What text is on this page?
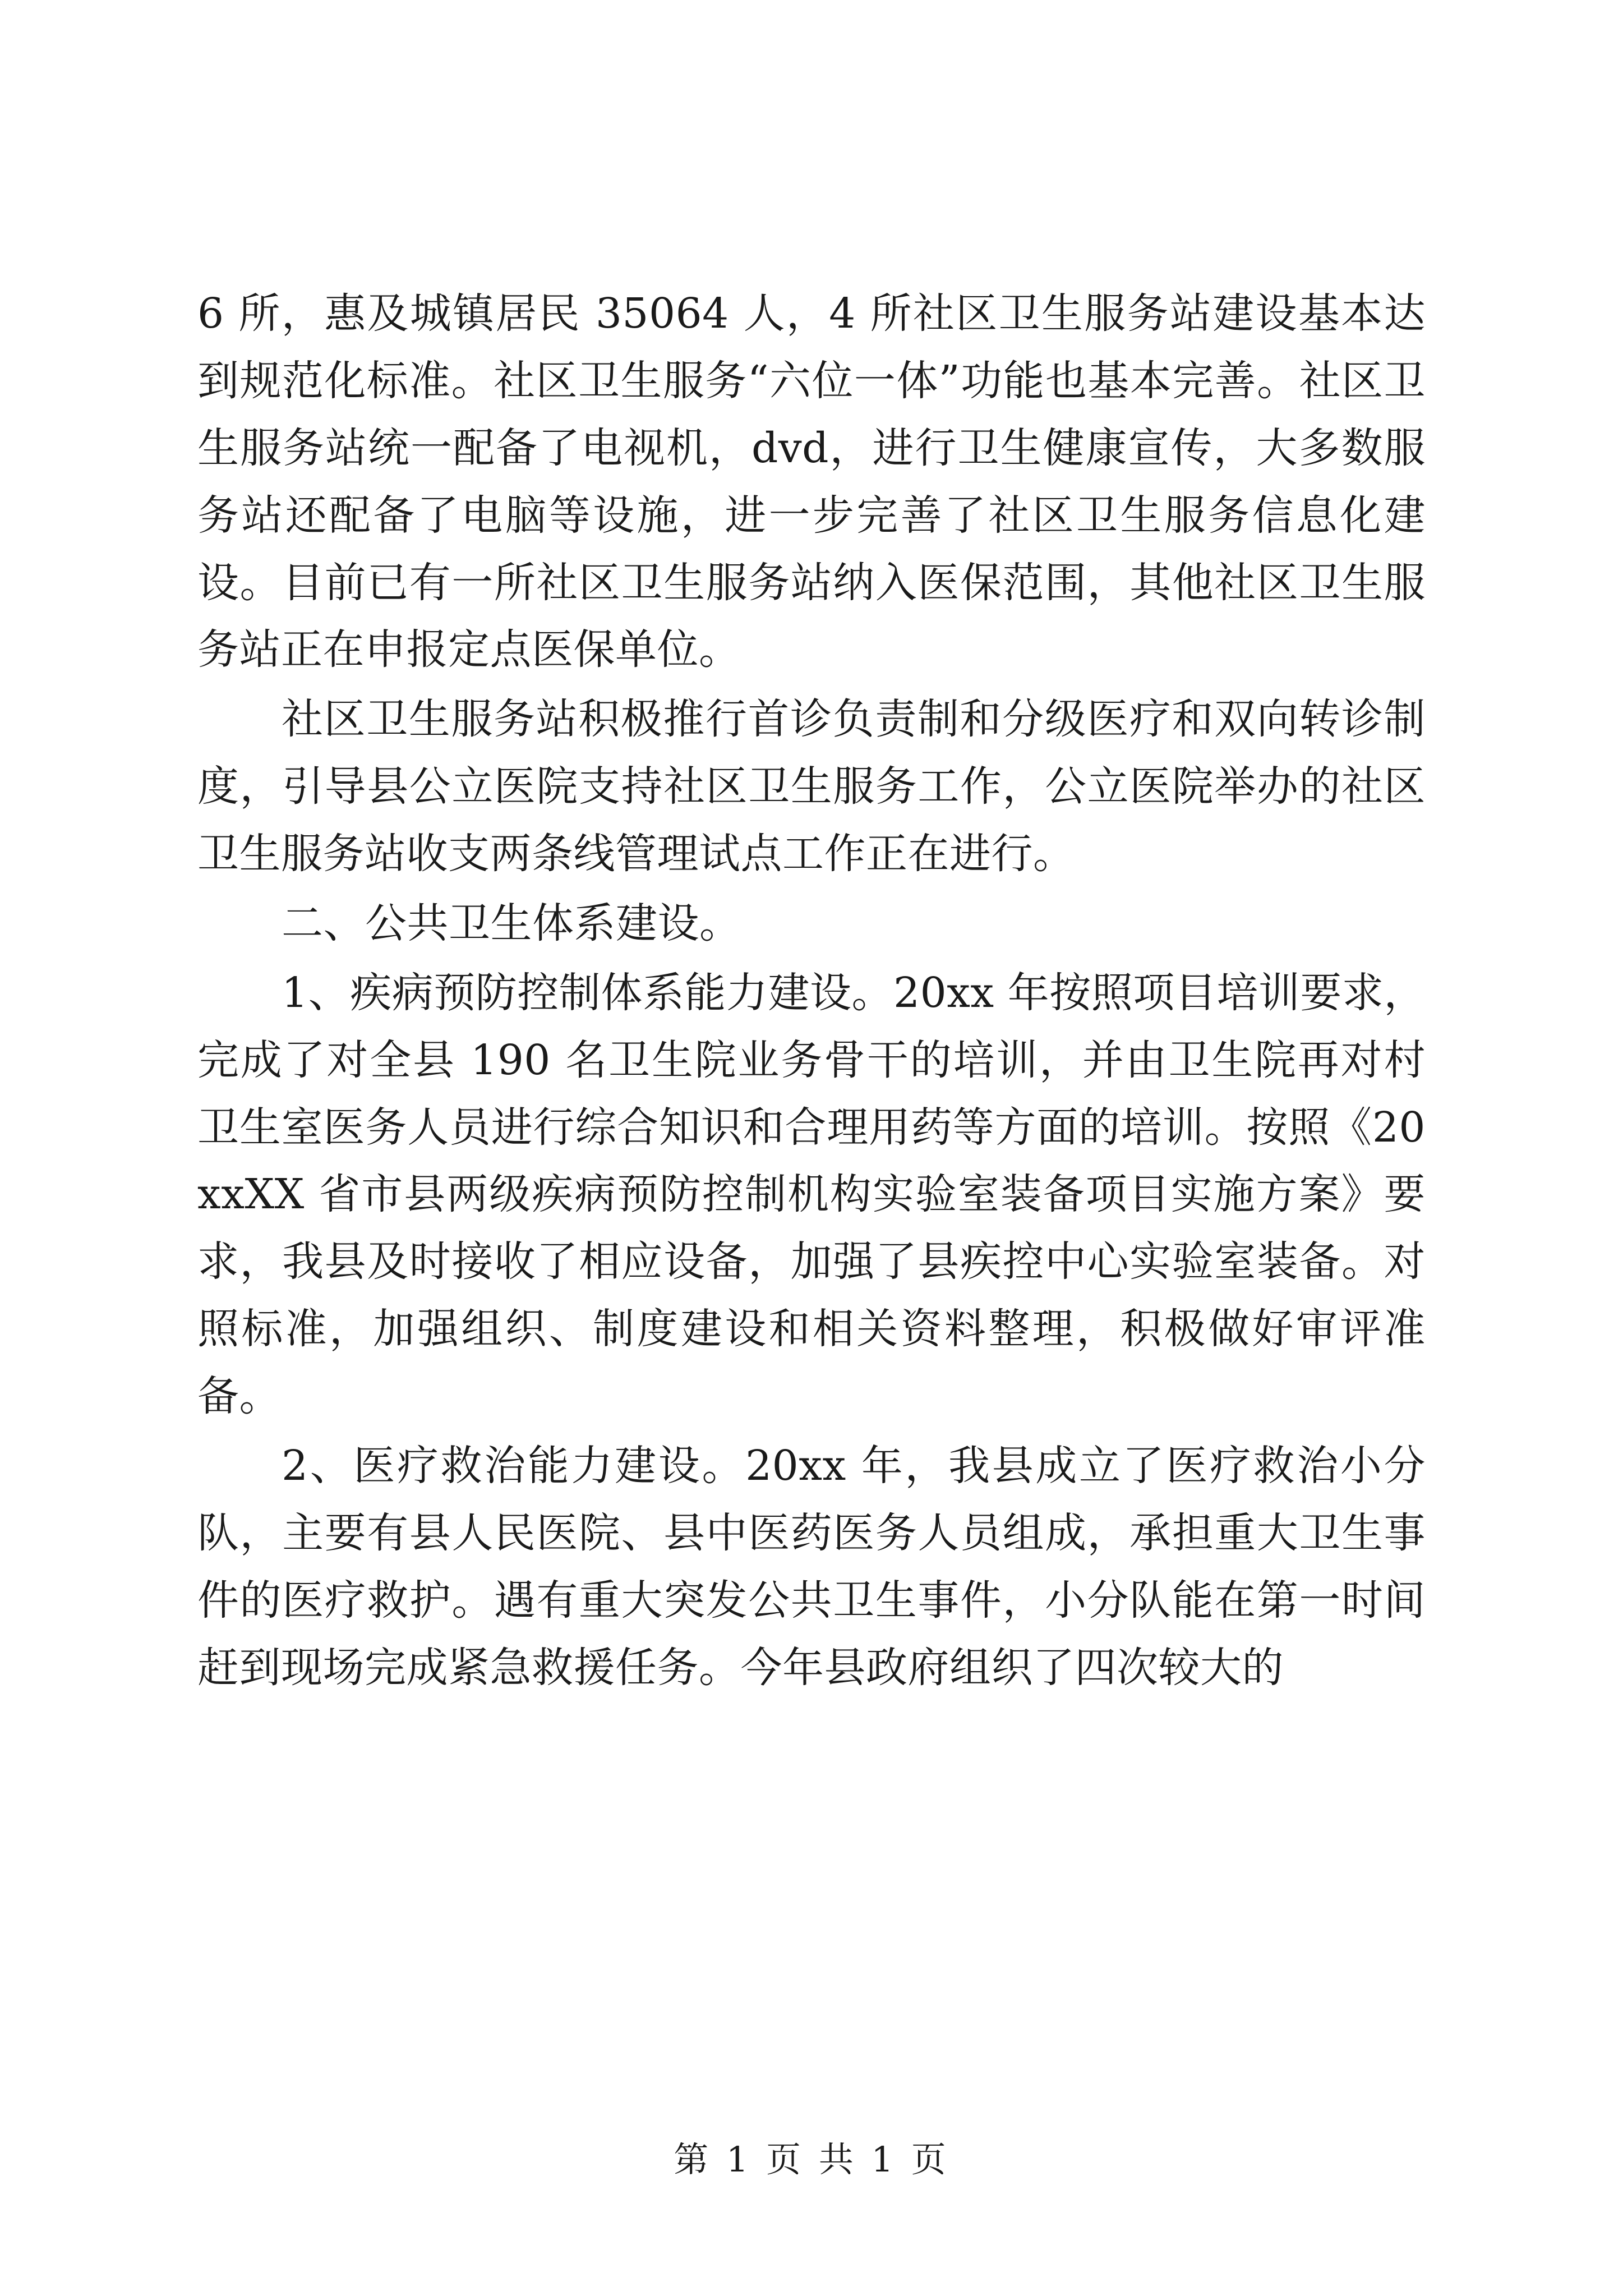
6 所，惠及城镇居民 35064 人，4 所社区卫生服务站建设基本达到规范化标准。社区卫生服务“六位一体”功能也基本完善。社区卫生服务站统一配备了电视机，dvd，进行卫生健康宣传，大多数服务站还配备了电脑等设施，进一步完善了社区卫生服务信息化建设。目前已有一所社区卫生服务站纳入医保范围，其他社区卫生服务站正在申报定点医保单位。

社区卫生服务站积极推行首诊负责制和分级医疗和双向转诊制度，引导县公立医院支持社区卫生服务工作，公立医院举办的社区卫生服务站收支两条线管理试点工作正在进行。

二、公共卫生体系建设。

1、疾病预防控制体系能力建设。20xx 年按照项目培训要求，完成了对全县 190 名卫生院业务骨干的培训，并由卫生院再对村卫生室医务人员进行综合知识和合理用药等方面的培训。按照《20xxXX 省市县两级疾病预防控制机构实验室装备项目实施方案》要求，我县及时接收了相应设备，加强了县疾控中心实验室装备。对照标准，加强组织、制度建设和相关资料整理，积极做好审评准备。

2、医疗救治能力建设。20xx 年，我县成立了医疗救治小分队，主要有县人民医院、县中医药医务人员组成，承担重大卫生事件的医疗救护。遇有重大突发公共卫生事件，小分队能在第一时间赶到现场完成紧急救援任务。今年县政府组织了四次较大的

第 1 页 共 1 页
